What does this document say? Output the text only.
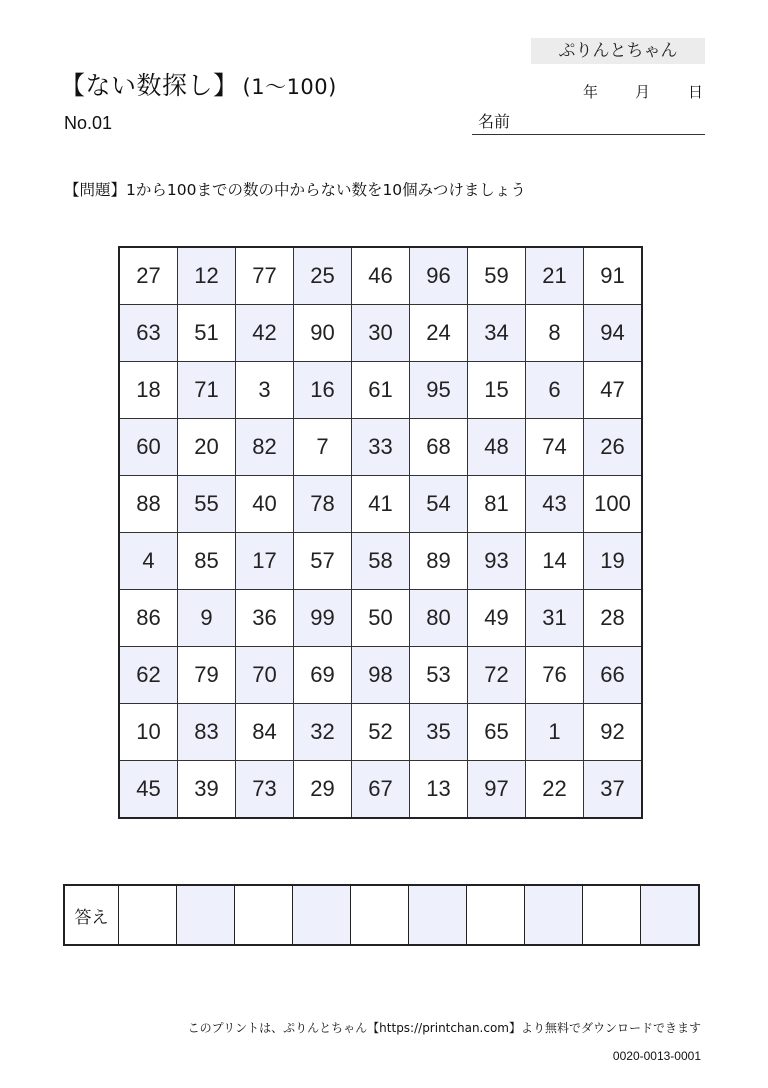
ぷりんとちゃん
【ない数探し】 (1〜100)
No.01
年 月	日
名前
【問題】1から100までの数の中からない数を10個みつけましょう
27	12	77	25	46	96	59	21	91
63	51	42	90	30	24	34	8	94
18	71	3	16	61	95	15	6	47
60	20	82	7	33	68	48	74	26
88	55	40	78	41	54	81	43	100
4	85	17	57	58	89	93	14	19
86	9	36	99	50	80	49	31	28
62	79	70	69	98	53	72	76	66
10	83	84	32	52	35	65	1	92
45	39	73	29	67	13	97	22	37
答え										
このプリントは、ぷりんとちゃん【https://printchan.com】より無料でダウンロードできます
0020-0013-0001
